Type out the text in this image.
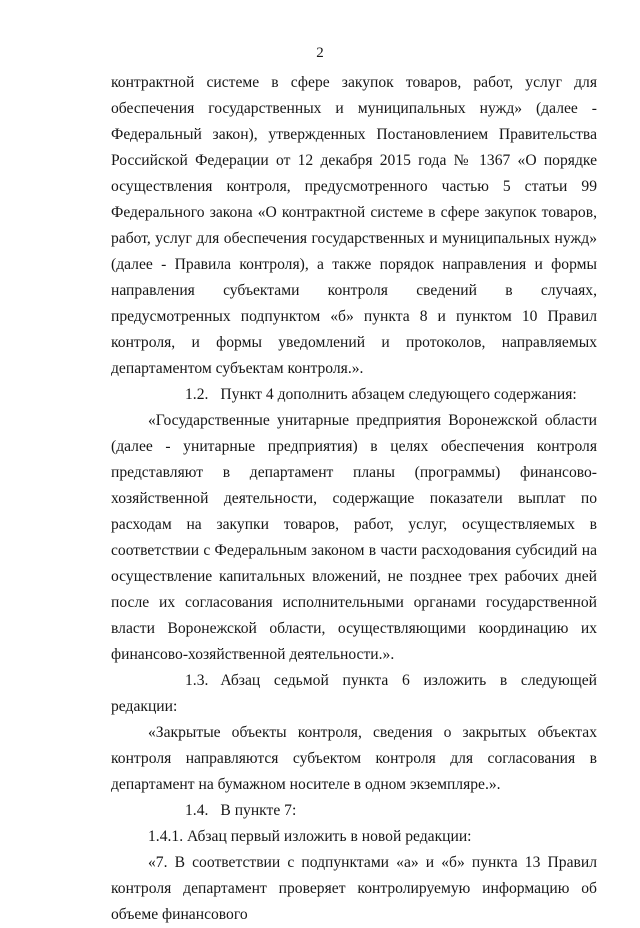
2

контрактной системе в сфере закупок товаров, работ, услуг для обеспечения государственных и муниципальных нужд» (далее - Федеральный закон), утвержденных Постановлением Правительства Российской Федерации от 12 декабря 2015 года № 1367 «О порядке осуществления контроля, предусмотренного частью 5 статьи 99 Федерального закона «О контрактной системе в сфере закупок товаров, работ, услуг для обеспечения государственных и муниципальных нужд» (далее - Правила контроля), а также порядок направления и формы направления субъектами контроля сведений в случаях, предусмотренных подпунктом «б» пункта 8 и пунктом 10 Правил контроля, и формы уведомлений и протоколов, направляемых департаментом субъектам контроля.».

1.2. Пункт 4 дополнить абзацем следующего содержания:

«Государственные унитарные предприятия Воронежской области (далее - унитарные предприятия) в целях обеспечения контроля представляют в департамент планы (программы) финансово-хозяйственной деятельности, содержащие показатели выплат по расходам на закупки товаров, работ, услуг, осуществляемых в соответствии с Федеральным законом в части расходования субсидий на осуществление капитальных вложений, не позднее трех рабочих дней после их согласования исполнительными органами государственной власти Воронежской области, осуществляющими координацию их финансово-хозяйственной деятельности.».

1.3. Абзац седьмой пункта 6 изложить в следующей редакции:

«Закрытые объекты контроля, сведения о закрытых объектах контроля направляются субъектом контроля для согласования в департамент на бумажном носителе в одном экземпляре.».

1.4. В пункте 7:

1.4.1. Абзац первый изложить в новой редакции:

«7. В соответствии с подпунктами «а» и «б» пункта 13 Правил контроля департамент проверяет контролируемую информацию об объеме финансового
